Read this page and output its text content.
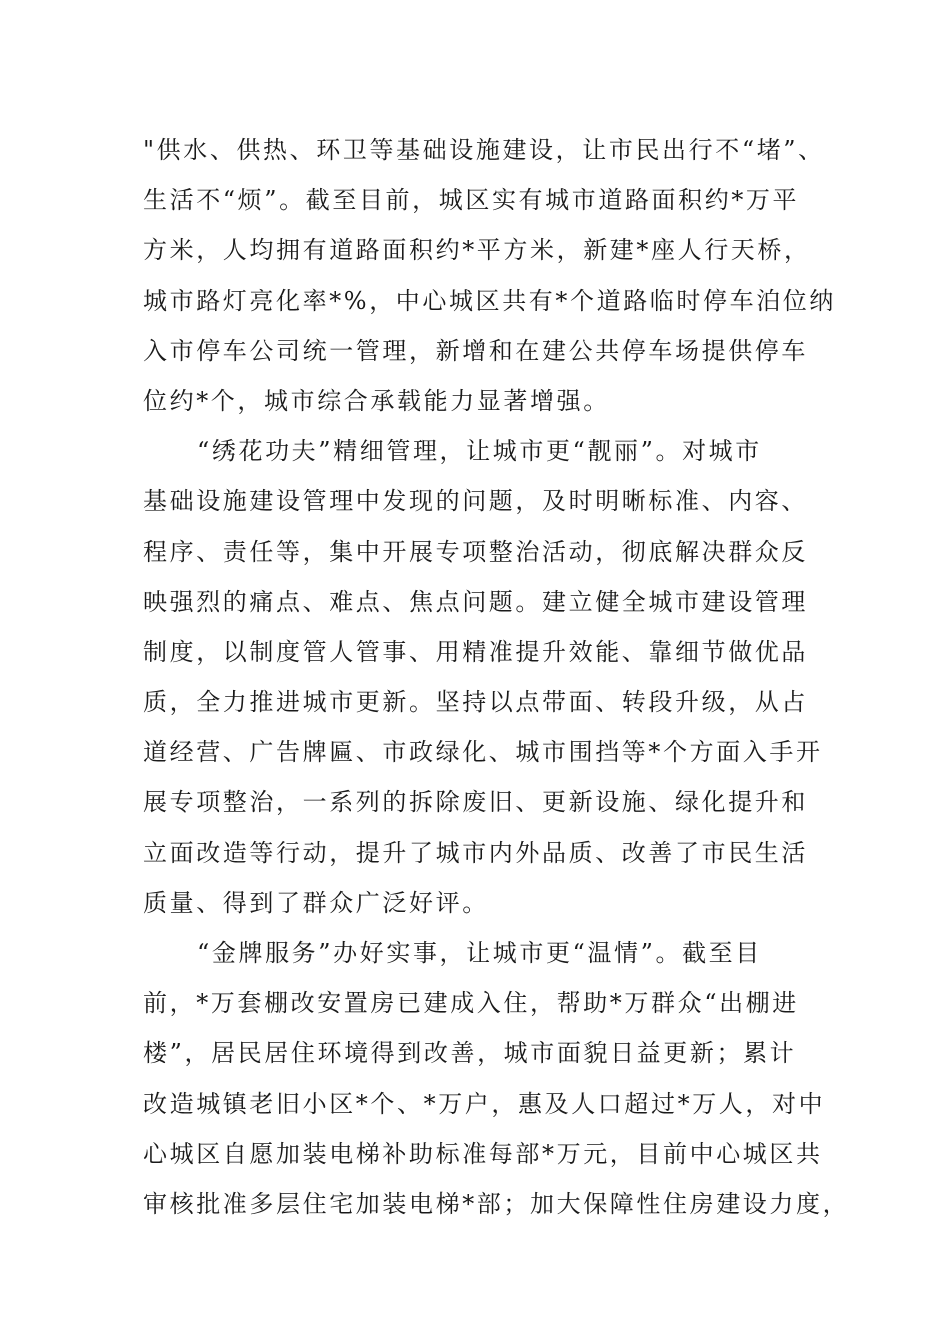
"供水、供热、环卫等基础设施建设，让市民出行不“堵”、
生活不“烦”。截至目前，城区实有城市道路面积约*万平
方米，人均拥有道路面积约*平方米，新建*座人行天桥，
城市路灯亮化率*%，中心城区共有*个道路临时停车泊位纳
入市停车公司统一管理，新增和在建公共停车场提供停车
位约*个，城市综合承载能力显著增强。
“绣花功夫”精细管理，让城市更“靓丽”。对城市
基础设施建设管理中发现的问题，及时明晰标准、内容、
程序、责任等，集中开展专项整治活动，彻底解决群众反
映强烈的痛点、难点、焦点问题。建立健全城市建设管理
制度，以制度管人管事、用精准提升效能、靠细节做优品
质，全力推进城市更新。坚持以点带面、转段升级，从占
道经营、广告牌匾、市政绿化、城市围挡等*个方面入手开
展专项整治，一系列的拆除废旧、更新设施、绿化提升和
立面改造等行动，提升了城市内外品质、改善了市民生活
质量、得到了群众广泛好评。
“金牌服务”办好实事，让城市更“温情”。截至目
前，*万套棚改安置房已建成入住，帮助*万群众“出棚进
楼”，居民居住环境得到改善，城市面貌日益更新；累计
改造城镇老旧小区*个、*万户，惠及人口超过*万人，对中
心城区自愿加装电梯补助标准每部*万元，目前中心城区共
审核批准多层住宅加装电梯*部；加大保障性住房建设力度，
